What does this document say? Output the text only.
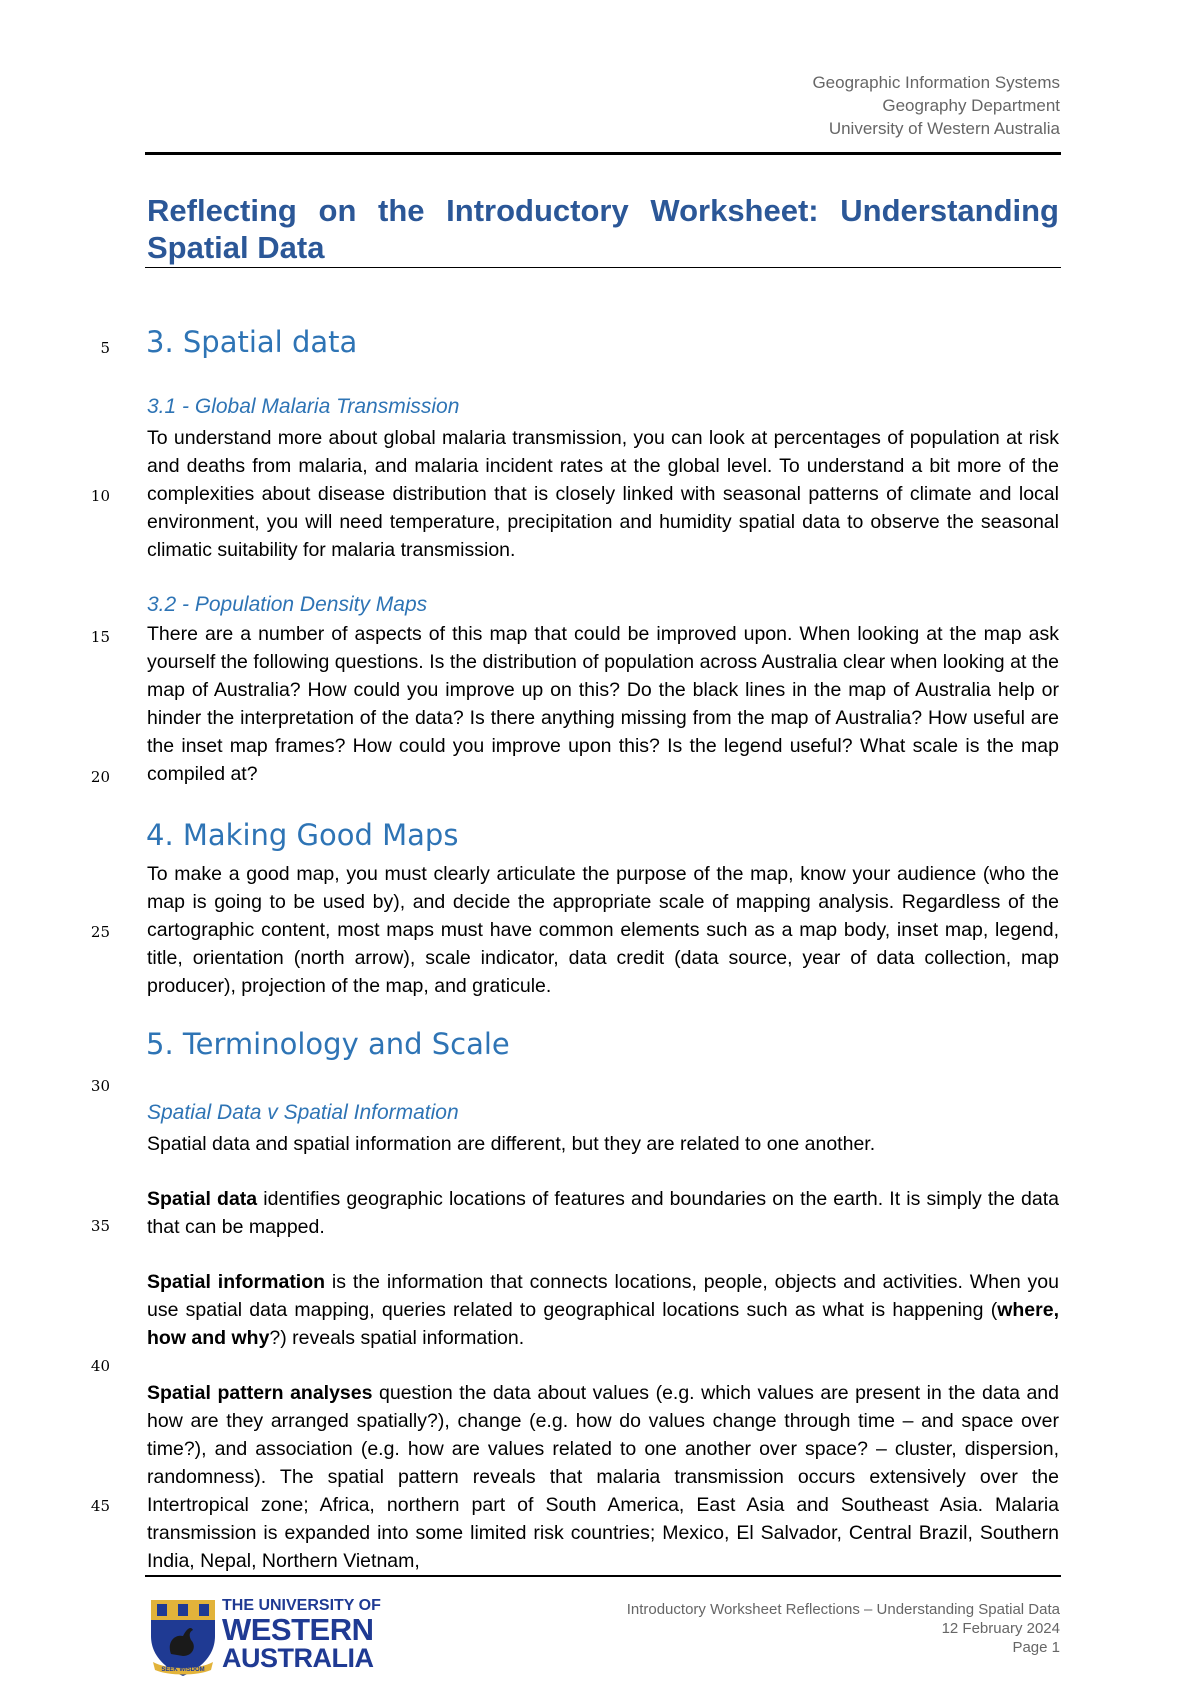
Geographic Information Systems
Geography Department
University of Western Australia
Reflecting on the Introductory Worksheet: Understanding Spatial Data
5
10
15
20
25
30
35
40
45
3. Spatial data
3.1 - Global Malaria Transmission
To understand more about global malaria transmission, you can look at percentages of population at risk and deaths from malaria, and malaria incident rates at the global level. To understand a bit more of the complexities about disease distribution that is closely linked with seasonal patterns of climate and local environment, you will need temperature, precipitation and humidity spatial data to observe the seasonal climatic suitability for malaria transmission.
3.2 - Population Density Maps
There are a number of aspects of this map that could be improved upon. When looking at the map ask yourself the following questions. Is the distribution of population across Australia clear when looking at the map of Australia? How could you improve up on this? Do the black lines in the map of Australia help or hinder the interpretation of the data? Is there anything missing from the map of Australia? How useful are the inset map frames? How could you improve upon this? Is the legend useful? What scale is the map compiled at?
4. Making Good Maps
To make a good map, you must clearly articulate the purpose of the map, know your audience (who the map is going to be used by), and decide the appropriate scale of mapping analysis. Regardless of the cartographic content, most maps must have common elements such as a map body, inset map, legend, title, orientation (north arrow), scale indicator, data credit (data source, year of data collection, map producer), projection of the map, and graticule.
5. Terminology and Scale
Spatial Data v Spatial Information
Spatial data and spatial information are different, but they are related to one another.
Spatial data identifies geographic locations of features and boundaries on the earth. It is simply the data that can be mapped.
Spatial information is the information that connects locations, people, objects and activities. When you use spatial data mapping, queries related to geographical locations such as what is happening (where, how and why?) reveals spatial information.
Spatial pattern analyses question the data about values (e.g. which values are present in the data and how are they arranged spatially?), change (e.g. how do values change through time – and space over time?), and association (e.g. how are values related to one another over space? – cluster, dispersion, randomness). The spatial pattern reveals that malaria transmission occurs extensively over the Intertropical zone; Africa, northern part of South America, East Asia and Southeast Asia. Malaria transmission is expanded into some limited risk countries; Mexico, El Salvador, Central Brazil, Southern India, Nepal, Northern Vietnam,
SEEK WISDOM
THE UNIVERSITY OF
WESTERN
AUSTRALIA
Introductory Worksheet Reflections – Understanding Spatial Data
12 February 2024
Page 1
